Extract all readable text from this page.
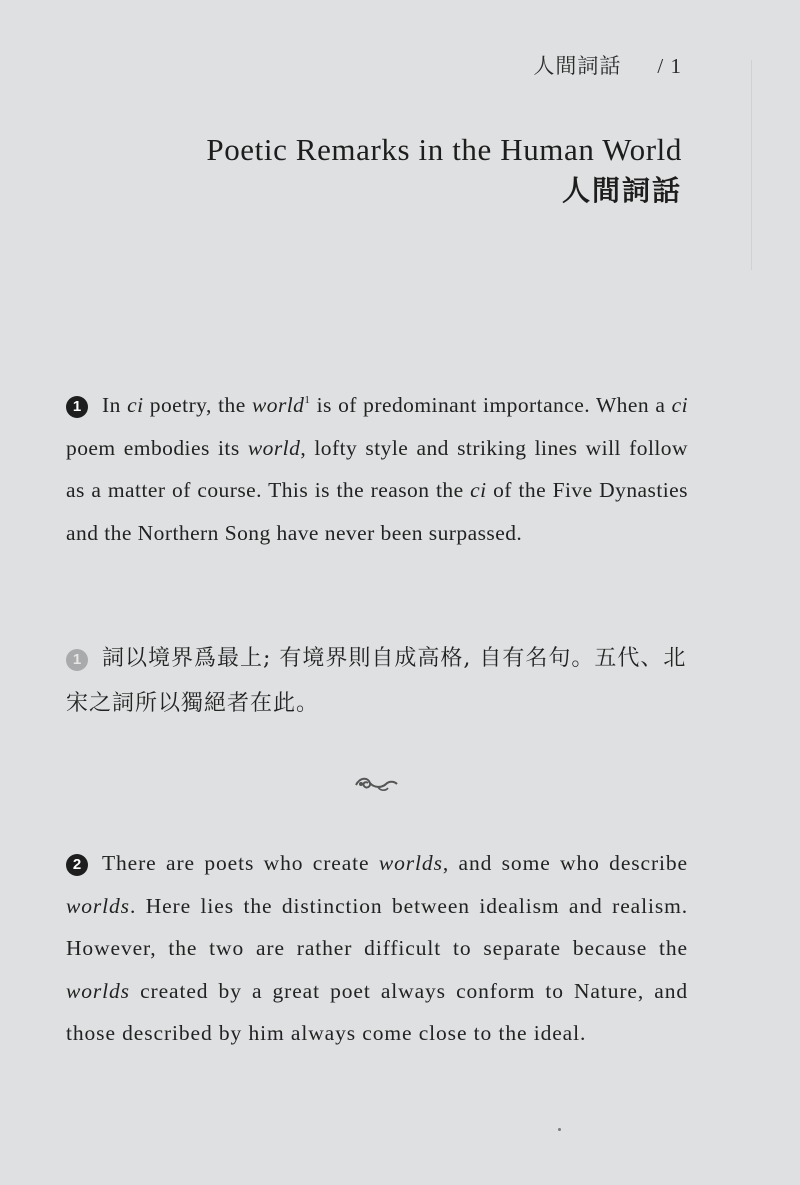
人間詞話 / 1
Poetic Remarks in the Human World
人間詞話
1 In ci poetry, the world$^1$ is of predominant importance. When a ci poem embodies its world, lofty style and striking lines will follow as a matter of course. This is the reason the ci of the Five Dynasties and the Northern Song have never been surpassed.
1 詞以境界爲最上; 有境界則自成高格, 自有名句。五代、北宋之詞所以獨絕者在此。
2 There are poets who create worlds, and some who describe worlds. Here lies the distinction between idealism and realism. However, the two are rather difficult to separate because the worlds created by a great poet always conform to Nature, and those described by him always come close to the ideal.
